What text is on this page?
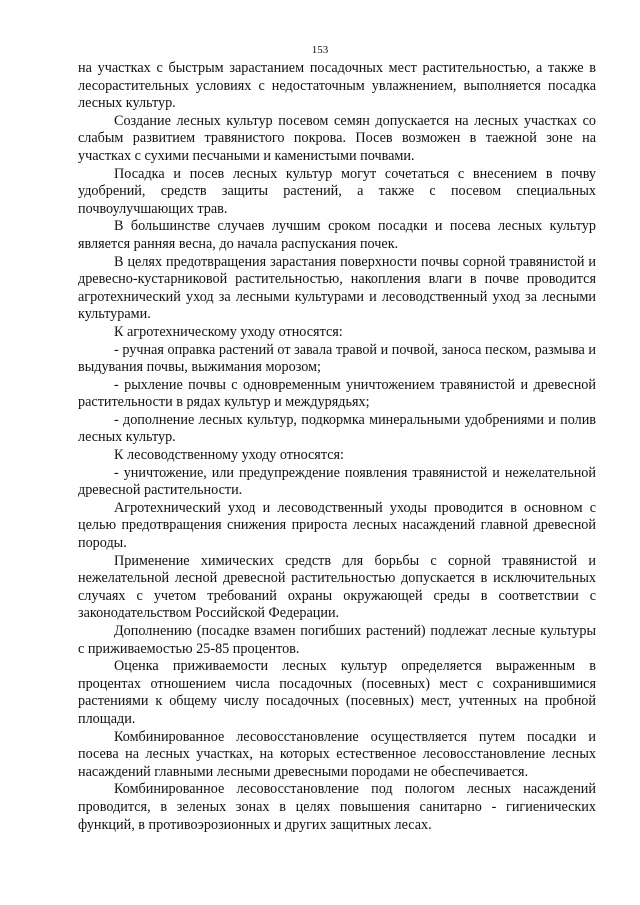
153

на участках с быстрым зарастанием посадочных мест растительностью, а также в лесорастительных условиях с недостаточным увлажнением, выполняется посадка лесных культур.

Создание лесных культур посевом семян допускается на лесных участках со слабым развитием травянистого покрова. Посев возможен в таежной зоне на участках с сухими песчаными и каменистыми почвами.

Посадка и посев лесных культур могут сочетаться с внесением в почву удобрений, средств защиты растений, а также с посевом специальных почвоулучшающих трав.

В большинстве случаев лучшим сроком посадки и посева лесных культур является ранняя весна, до начала распускания почек.

В целях предотвращения зарастания поверхности почвы сорной травянистой и древесно-кустарниковой растительностью, накопления влаги в почве проводится агротехнический уход за лесными культурами и лесоводственный уход за лесными культурами.

К агротехническому уходу относятся:

- ручная оправка растений от завала травой и почвой, заноса песком, размыва и выдувания почвы, выжимания морозом;

- рыхление почвы с одновременным уничтожением травянистой и древесной растительности в рядах культур и междурядьях;

- дополнение лесных культур, подкормка минеральными удобрениями и полив лесных культур.

К лесоводственному уходу относятся:

- уничтожение, или предупреждение появления травянистой и нежелательной древесной растительности.

Агротехнический уход и лесоводственный уходы проводится в основном с целью предотвращения снижения прироста лесных насаждений главной древесной породы.

Применение химических средств для борьбы с сорной травянистой и нежелательной лесной древесной растительностью допускается в исключительных случаях с учетом требований охраны окружающей среды в соответствии с законодательством Российской Федерации.

Дополнению (посадке взамен погибших растений) подлежат лесные культуры с приживаемостью 25-85 процентов.

Оценка приживаемости лесных культур определяется выраженным в процентах отношением числа посадочных (посевных) мест с сохранившимися растениями к общему числу посадочных (посевных) мест, учтенных на пробной площади.

Комбинированное лесовосстановление осуществляется путем посадки и посева на лесных участках, на которых естественное лесовосстановление лесных насаждений главными лесными древесными породами не обеспечивается.

Комбинированное лесовосстановление под пологом лесных насаждений проводится, в зеленых зонах в целях повышения санитарно - гигиенических функций, в противоэрозионных и других защитных лесах.
